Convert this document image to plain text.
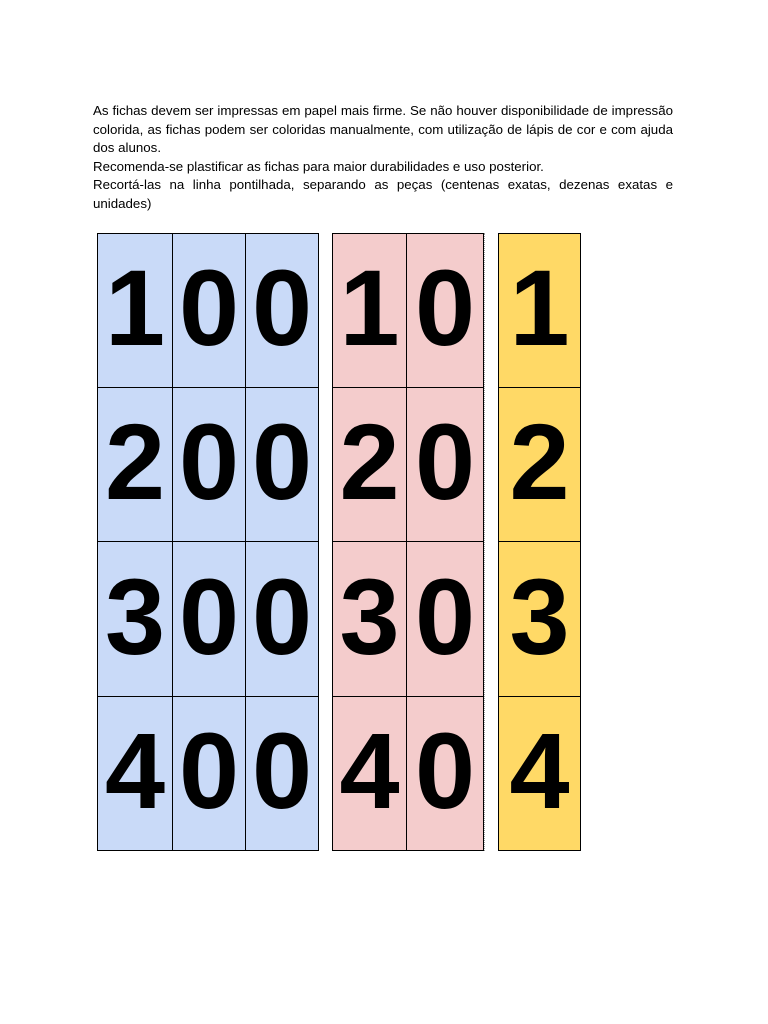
As fichas devem ser impressas em papel mais firme. Se não houver disponibilidade de impressão colorida, as fichas podem ser coloridas manualmente, com utilização de lápis de cor e com ajuda dos alunos.

Recomenda-se plastificar as fichas para maior durabilidades e uso posterior.

Recortá-las na linha pontilhada, separando as peças (centenas exatas, dezenas exatas e unidades)

1
2
3
4
0
0
0
0
0
0
0
0
1
2
3
4
0
0
0
0
1
2
3
4
